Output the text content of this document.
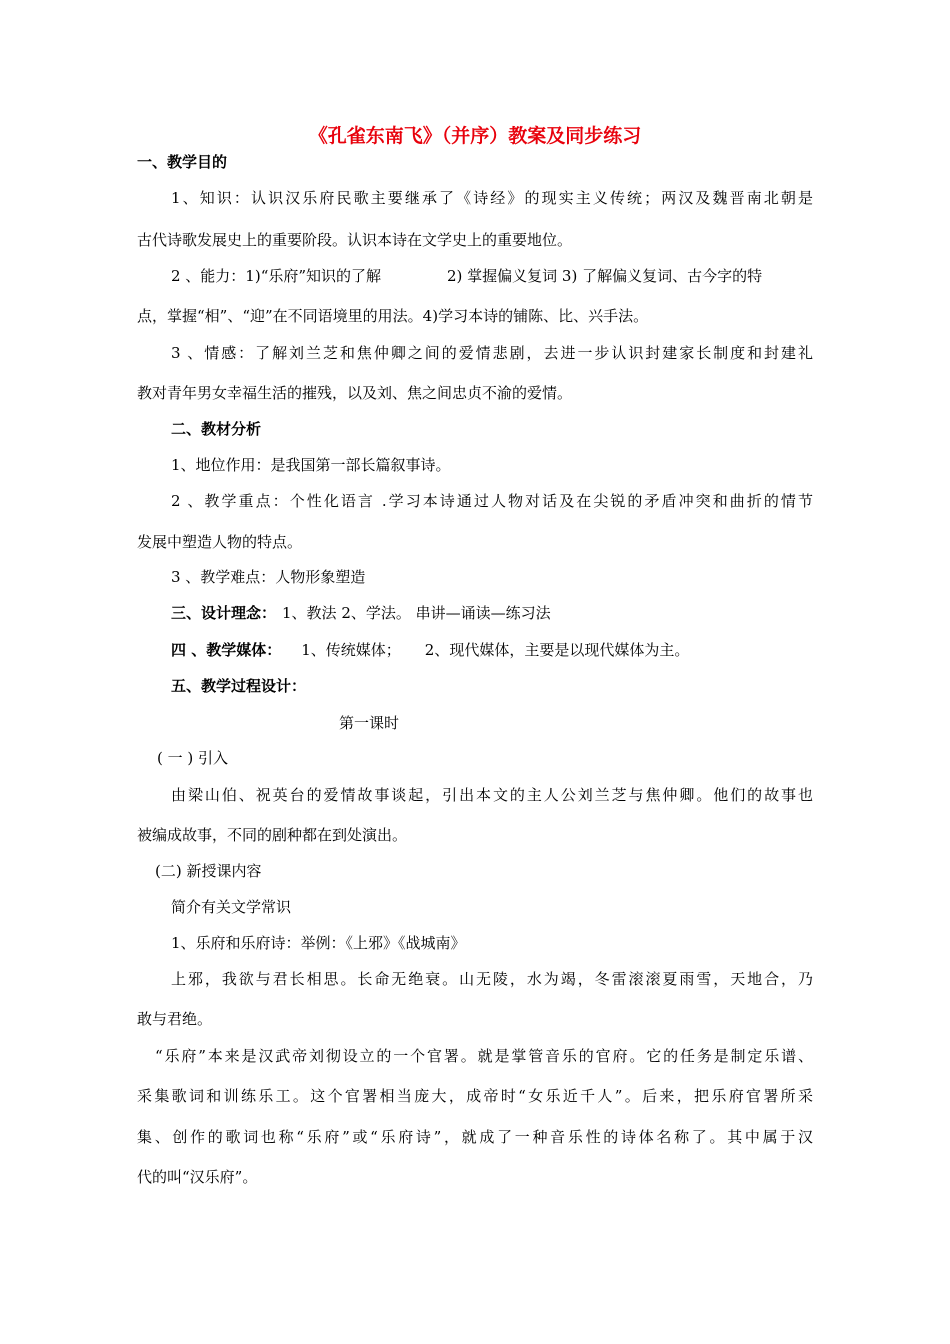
《孔雀东南飞》（并序）教案及同步练习
一、教学目的
1、知识：认识汉乐府民歌主要继承了《诗经》的现实主义传统；两汉及魏晋南北朝是
古代诗歌发展史上的重要阶段。认识本诗在文学史上的重要地位。
2 、能力：1)“乐府”知识的了解	2) 掌握偏义复词 3) 了解偏义复词、古今字的特
点，掌握“相”、“迎”在不同语境里的用法。4)学习本诗的铺陈、比、兴手法。
3 、情感：了解刘兰芝和焦仲卿之间的爱情悲剧，去进一步认识封建家长制度和封建礼
教对青年男女幸福生活的摧残，以及刘、焦之间忠贞不渝的爱情。
二、教材分析
1、地位作用：是我国第一部长篇叙事诗。
2 、教学重点：个性化语言 .学习本诗通过人物对话及在尖锐的矛盾冲突和曲折的情节
发展中塑造人物的特点。
3 、教学难点：人物形象塑造
三、设计理念： 1、教法 2、学法。 串讲—诵读—练习法
四 、教学媒体： 1、传统媒体； 2、现代媒体，主要是以现代媒体为主。
五、教学过程设计：
第一课时
( 一 ) 引入
由梁山伯、祝英台的爱情故事谈起，引出本文的主人公刘兰芝与焦仲卿。他们的故事也
被编成故事，不同的剧种都在到处演出。
(二) 新授课内容
简介有关文学常识
1、乐府和乐府诗：举例：《上邪》《战城南》
上邪，我欲与君长相思。长命无绝衰。山无陵，水为竭，冬雷滚滚夏雨雪，天地合，乃
敢与君绝。
“乐府”本来是汉武帝刘彻设立的一个官署。就是掌管音乐的官府。它的任务是制定乐谱、
采集歌词和训练乐工。这个官署相当庞大，成帝时“女乐近千人”。后来，把乐府官署所采
集、创作的歌词也称“乐府”或“乐府诗”，就成了一种音乐性的诗体名称了。其中属于汉
代的叫“汉乐府”。
